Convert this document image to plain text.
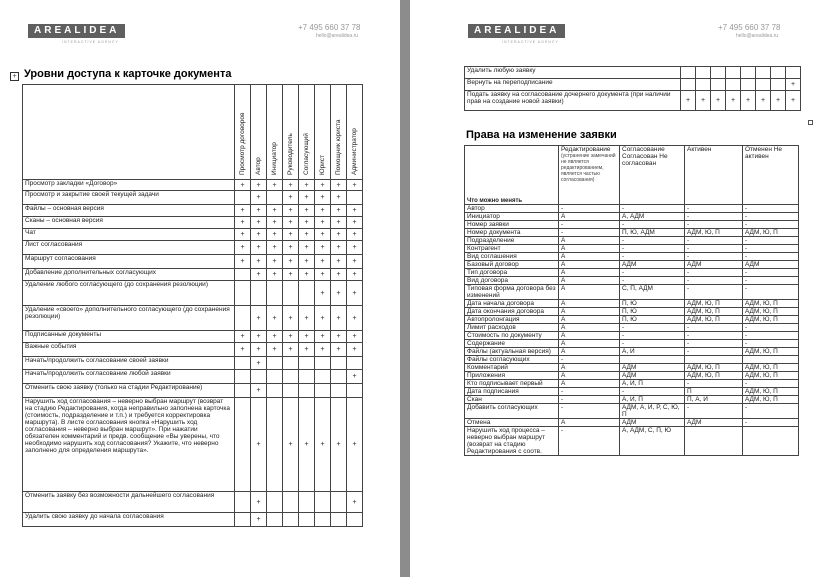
AREALIDEA
INTERACTIVE AGENCY
+7 495 660 37 78
hello@arealidea.ru
+ Уровни доступа к карточке документа
	Просмотр договоров	Автор	Инициатор	Руководитель	Согласующий	Юрист	Помощник юриста	Администратор
Просмотр закладки «Договор»	+	+	+	+	+	+	+	+
Просмотр и закрытие своей текущей задачи		+		+	+	+	+	
Файлы – основная версия	+	+	+	+	+	+	+	+
Сканы – основная версия	+	+	+	+	+	+	+	+
Чат	+	+	+	+	+	+	+	+
Лист согласования	+	+	+	+	+	+	+	+
Маршрут согласования	+	+	+	+	+	+	+	+
Добавление дополнительных согласующих		+	+	+	+	+	+	+
Удаление любого согласующего (до сохранения резолюции)						+	+	+
Удаление «своего» дополнительного согласующего (до сохранения резолюции)		+	+	+	+	+	+	+
Подписанные документы	+	+	+	+	+	+	+	+
Важные события	+	+	+	+	+	+	+	+
Начать/продолжить согласование своей заявки		+						
Начать/продолжить согласование любой заявки								+
Отменить свою заявку (только на стадии Редактирование)		+						
Нарушить ход согласования – неверно выбран маршрут (возврат на стадию Редактирования, когда неправильно заполнена карточка (стоимость, подразделение и т.п.) и требуется корректировка маршрута). В листе согласования кнопка «Нарушить ход согласования – неверно выбран маршрут». При нажатии обязателен комментарий и предв. сообщение «Вы уверены, что необходимо нарушить ход согласования? Укажите, что неверно заполнено для определения маршрута».		+		+	+	+	+	+
Отменить заявку без возможности дальнейшего согласования		+						+
Удалить свою заявку до начала согласования		+						
AREALIDEA
INTERACTIVE AGENCY
+7 495 660 37 78
hello@arealidea.ru
Удалить любую заявку								
Вернуть на переподписание								+
Подать заявку на согласование дочернего документа (при наличии прав на создание новой заявки)	+	+	+	+	+	+	+	+
Права на изменение заявки
Что можно менять	Редактирование
(устранение замечаний не является редактированием, является частью согласования)	Согласование Согласован Не согласован	Активен	Отменен Не активен
Автор	-	-	-	-
Инициатор	А	А, АДМ	-	-
Номер заявки	-	-	-	-
Номер документа	-	П, Ю, АДМ	АДМ, Ю, П	АДМ, Ю, П
Подразделение	А	-	-	-
Контрагент	А	-	-	-
Вид соглашения	А	-	-	-
Базовый договор	А	АДМ	АДМ	АДМ
Тип договора	А	-	-	-
Вид договора	А	-	-	-
Типовая форма договора без изменений	А	С, П, АДМ	-	-
Дата начала договора	А	П, Ю	АДМ, Ю, П	АДМ, Ю, П
Дата окончания договора	А	П, Ю	АДМ, Ю, П	АДМ, Ю, П
Автопролонгация	А	П, Ю	АДМ, Ю, П	АДМ, Ю, П
Лимит расходов	А	-	-	-
Стоимость по документу	А	-	-	-
Содержание	А	-	-	-
Файлы (актуальная версия)	А	А, И	-	АДМ, Ю, П
Файлы согласующих	-			
Комментарий	А	АДМ	АДМ, Ю, П	АДМ, Ю, П
Приложения	А	АДМ	АДМ, Ю, П	АДМ, Ю, П
Кто подписывает первый	А	А, И, П	-	-
Дата подписания	-	-	П	АДМ, Ю, П
Скан	-	А, И, П	П, А, И	АДМ, Ю, П
Добавить согласующих	-	АДМ, А, И, Р, С, Ю, П	-	-
Отмена	А	АДМ	АДМ	-
Нарушить ход процесса – неверно выбран маршрут (возврат на стадию Редактирования с соотв.	-	А, АДМ, С, П, Ю		
